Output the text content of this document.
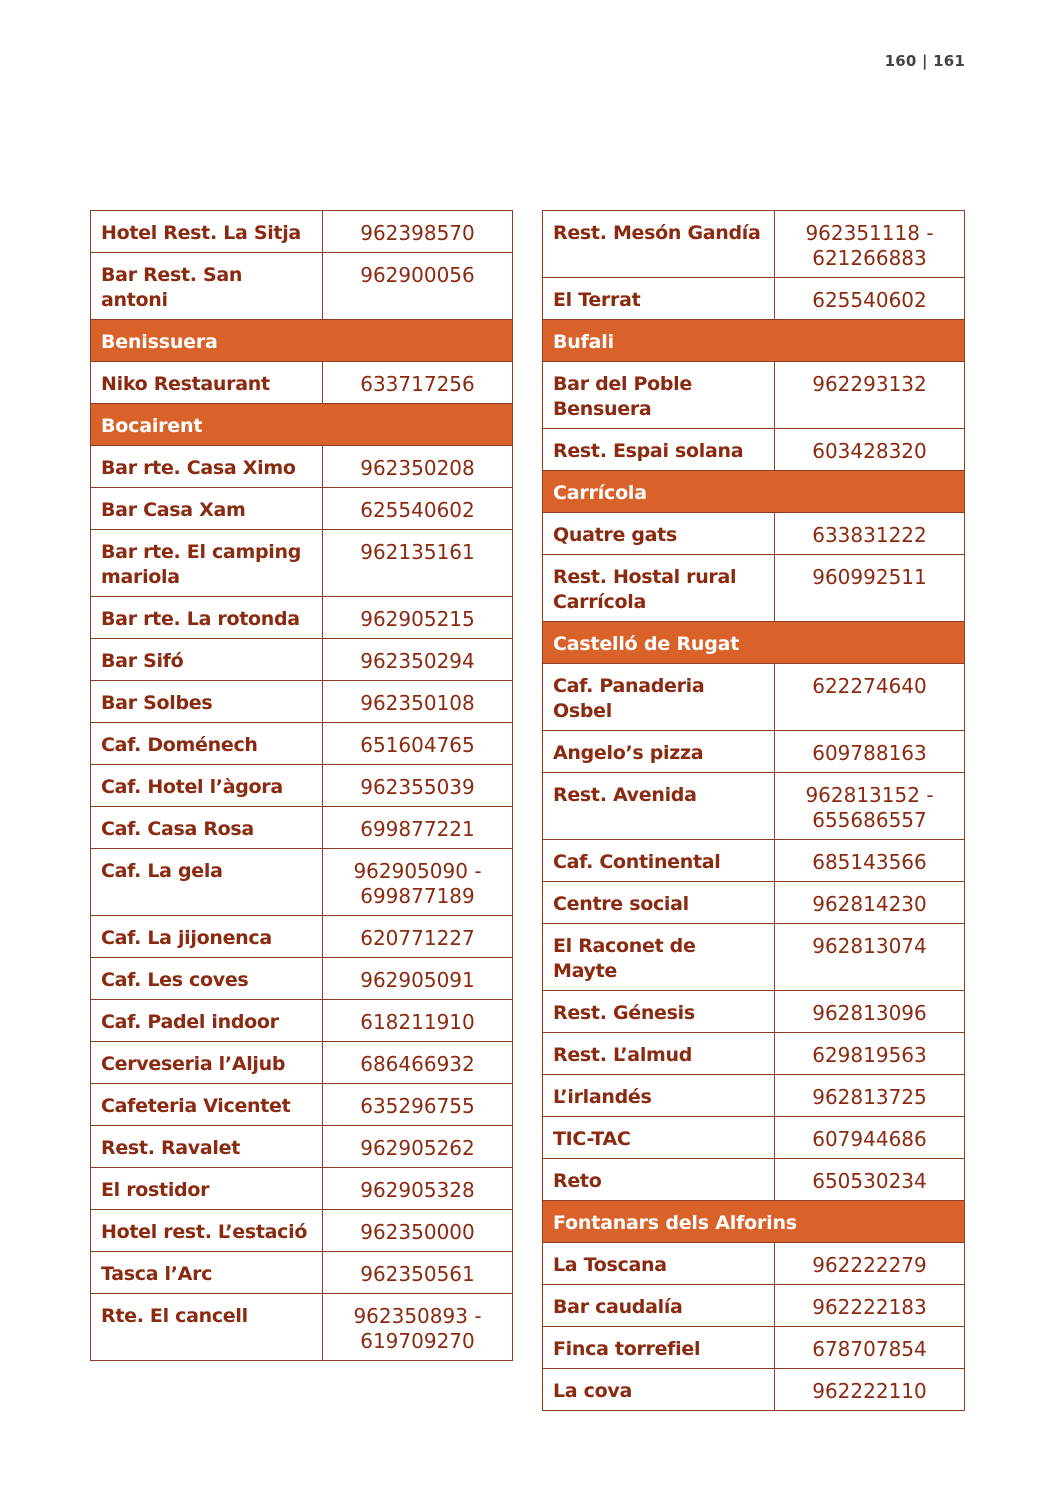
160 | 161
Hotel Rest. La Sitja	962398570
Bar Rest. San antoni	962900056
Benissuera	
Niko Restaurant	633717256
Bocairent	
Bar rte. Casa Ximo	962350208
Bar Casa Xam	625540602
Bar rte. El camping mariola	962135161
Bar rte. La rotonda	962905215
Bar Sifó	962350294
Bar Solbes	962350108
Caf. Doménech	651604765
Caf. Hotel l’àgora	962355039
Caf. Casa Rosa	699877221
Caf. La gela	962905090 - 699877189
Caf. La jijonenca	620771227
Caf. Les coves	962905091
Caf. Padel indoor	618211910
Cerveseria l’Aljub	686466932
Cafeteria Vicentet	635296755
Rest. Ravalet	962905262
El rostidor	962905328
Hotel rest. L’estació	962350000
Tasca l’Arc	962350561
Rte. El cancell	962350893 - 619709270
Rest. Mesón Gandía	962351118 - 621266883
El Terrat	625540602
Bufali	
Bar del Poble Bensuera	962293132
Rest. Espai solana	603428320
Carrícola	
Quatre gats	633831222
Rest. Hostal rural Carrícola	960992511
Castelló de Rugat	
Caf. Panaderia Osbel	622274640
Angelo’s pizza	609788163
Rest. Avenida	962813152 - 655686557
Caf. Continental	685143566
Centre social	962814230
El Raconet de Mayte	962813074
Rest. Génesis	962813096
Rest. L’almud	629819563
L’irlandés	962813725
TIC-TAC	607944686
Reto	650530234
Fontanars dels Alforins	
La Toscana	962222279
Bar caudalía	962222183
Finca torrefiel	678707854
La cova	962222110
